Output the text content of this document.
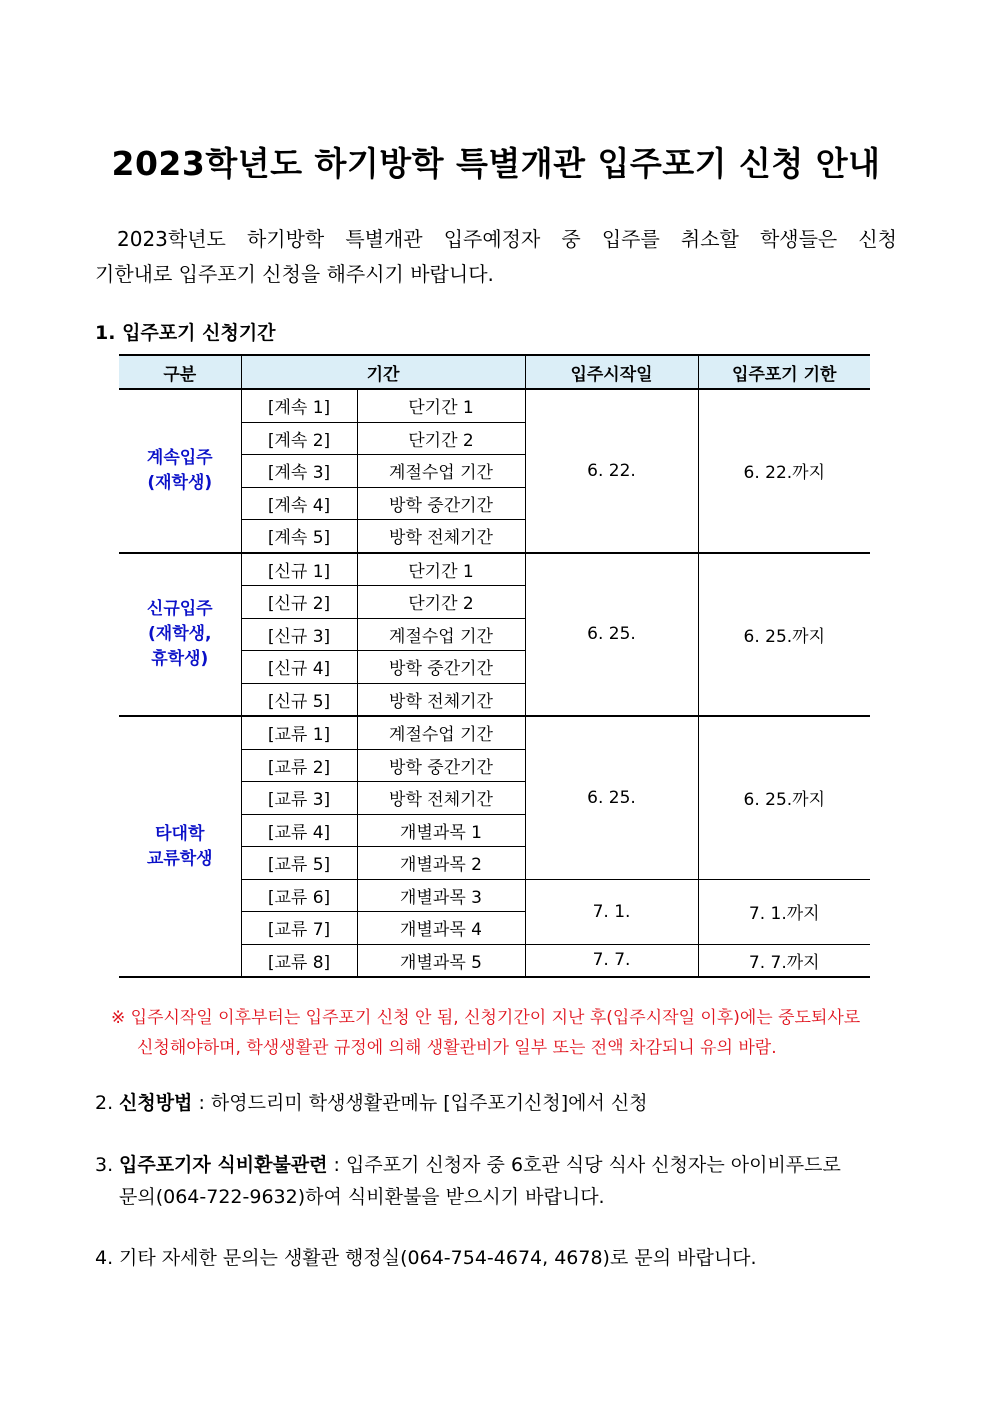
2023학년도 하기방학 특별개관 입주포기 신청 안내
2023학년도 하기방학 특별개관 입주예정자 중 입주를 취소할 학생들은 신청
기한내로 입주포기 신청을 해주시기 바랍니다.
1. 입주포기 신청기간
구분	기간		입주시작일	입주포기 기한

계속입주
(재학생)	[계속 1]	단기간 1	6. 22.	6. 22.까지
	[계속 2]	단기간 2		
	[계속 3]	계절수업 기간		
	[계속 4]	방학 중간기간		
	[계속 5]	방학 전체기간		

신규입주
(재학생,
휴학생)	[신규 1]	단기간 1	6. 25.	6. 25.까지
	[신규 2]	단기간 2		
	[신규 3]	계절수업 기간		
	[신규 4]	방학 중간기간		
	[신규 5]	방학 전체기간		

타대학
교류학생	[교류 1]	계절수업 기간	6. 25.	6. 25.까지
	[교류 2]	방학 중간기간		
	[교류 3]	방학 전체기간		
	[교류 4]	개별과목 1		
	[교류 5]	개별과목 2		
	[교류 6]	개별과목 3	7. 1.	7. 1.까지
	[교류 7]	개별과목 4		
	[교류 8]	개별과목 5	7. 7.	7. 7.까지
※ 입주시작일 이후부터는 입주포기 신청 안 됨, 신청기간이 지난 후(입주시작일 이후)에는 중도퇴사로
신청해야하며, 학생생활관 규정에 의해 생활관비가 일부 또는 전액 차감되니 유의 바람.
2. 신청방법 : 하영드리미 학생생활관메뉴 [입주포기신청]에서 신청
3. 입주포기자 식비환불관련 : 입주포기 신청자 중 6호관 식당 식사 신청자는 아이비푸드로
문의(064-722-9632)하여 식비환불을 받으시기 바랍니다.
4. 기타 자세한 문의는 생활관 행정실(064-754-4674, 4678)로 문의 바랍니다.
